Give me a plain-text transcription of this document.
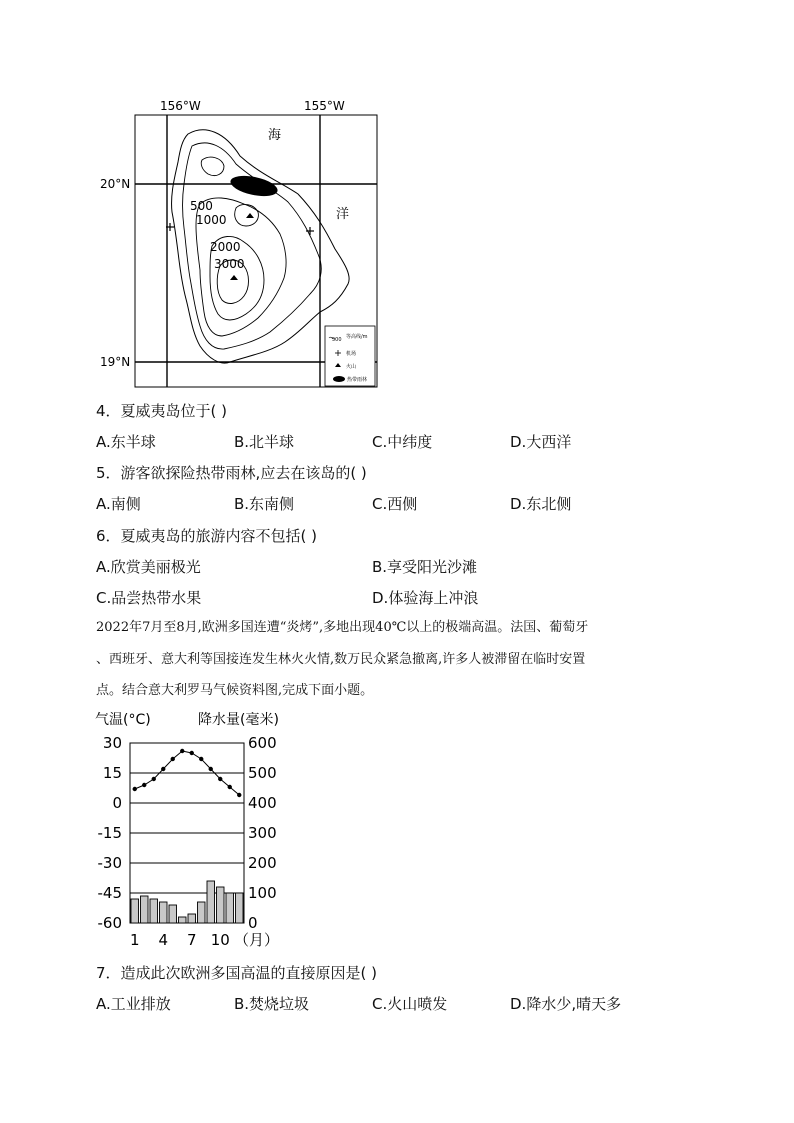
156°W	155°W
20°N
19°N
海
洋
500
1000
2000
3000
500 等高线/m
机场
火山
热带雨林
4．夏威夷岛位于( )
A.东半球	B.北半球	C.中纬度	D.大西洋
5．游客欲探险热带雨林,应去在该岛的( )
A.南侧	B.东南侧	C.西侧	D.东北侧
6．夏威夷岛的旅游内容不包括( )
A.欣赏美丽极光	B.享受阳光沙滩
C.品尝热带水果	D.体验海上冲浪
2022年7月至8月,欧洲多国连遭“炎烤”,多地出现40℃以上的极端高温。法国、葡萄牙
、西班牙、意大利等国接连发生林火火情,数万民众紧急撤离,许多人被滞留在临时安置
点。结合意大利罗马气候资料图,完成下面小题。
气温(°C)	降水量(毫米)
30
15
0
-15
-30
-45
-60
600
500
400
300
200
100
0
1 4 7 10 （月）
7．造成此次欧洲多国高温的直接原因是( )
A.工业排放	B.焚烧垃圾	C.火山喷发	D.降水少,晴天多
